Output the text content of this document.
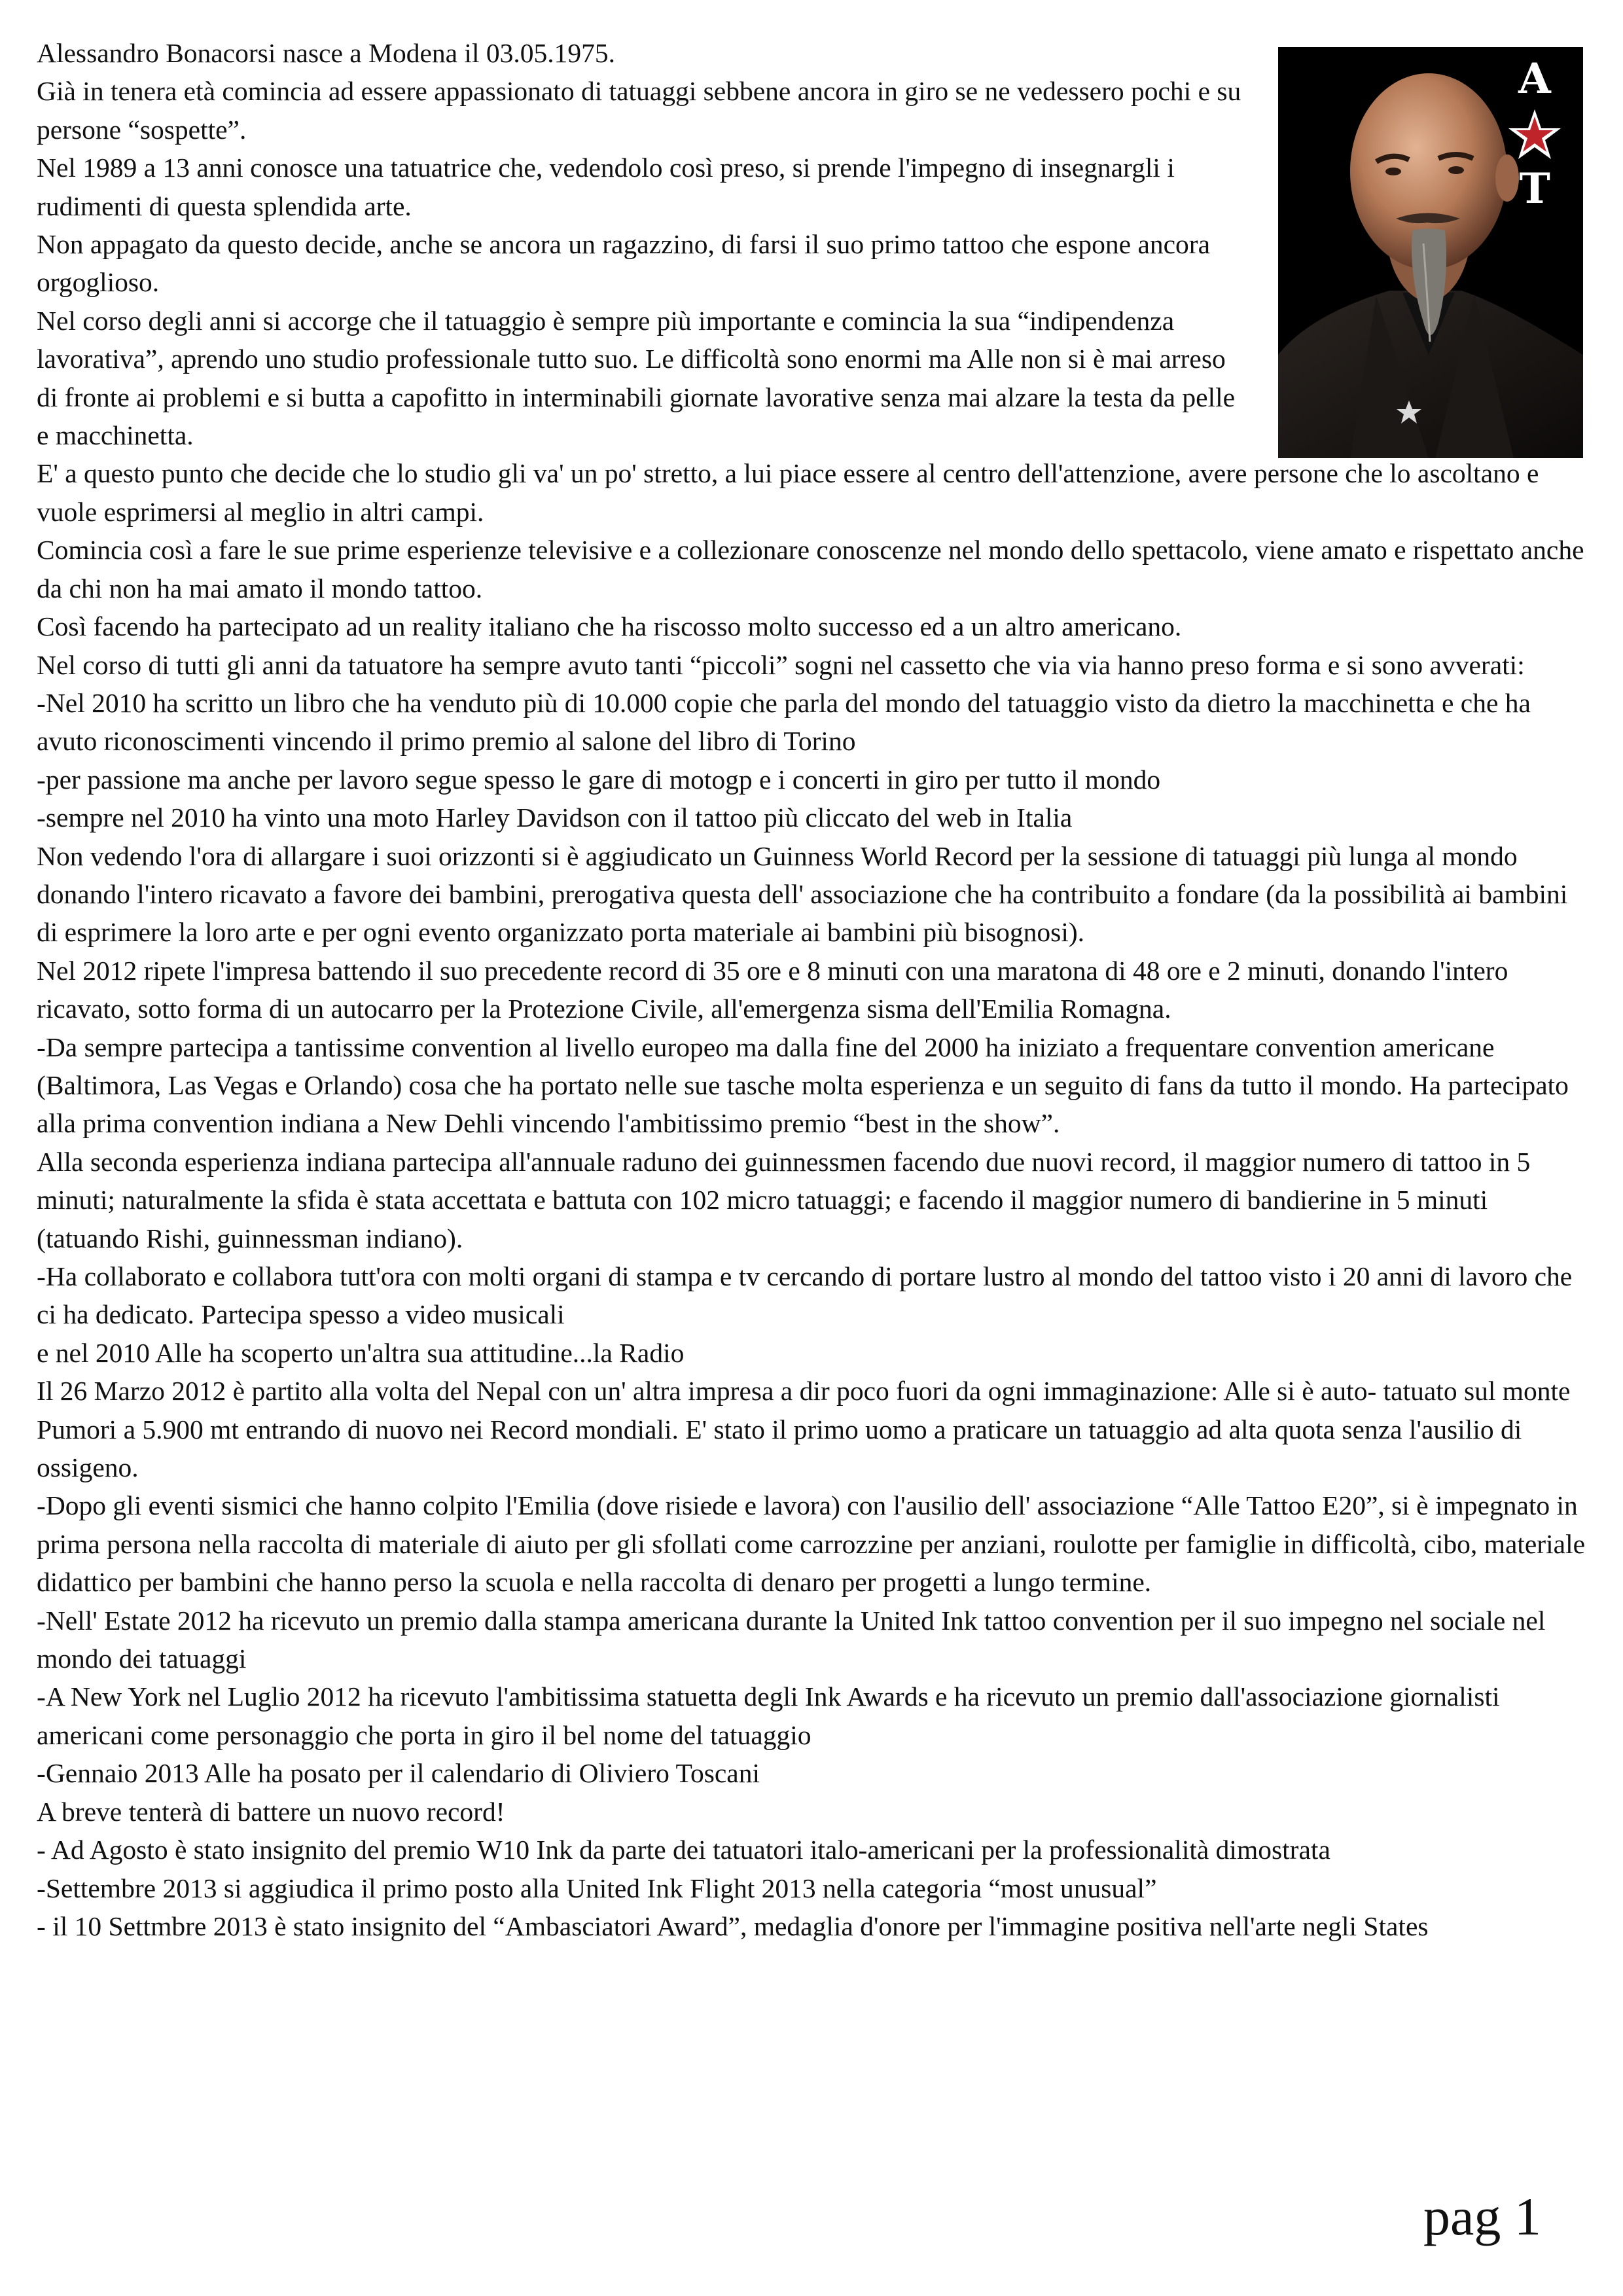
A
T

Alessandro Bonacorsi nasce a Modena il 03.05.1975.

Già in tenera età comincia ad essere appassionato di tatuaggi sebbene ancora in giro se ne vedessero pochi e su persone “sospette”.

Nel 1989 a 13 anni conosce una tatuatrice che, vedendolo così preso, si prende l'impegno di insegnargli i rudimenti di questa splendida arte.

Non appagato da questo decide, anche se ancora un ragazzino, di farsi il suo primo tattoo che espone ancora orgoglioso.

Nel corso degli anni si accorge che il tatuaggio è sempre più importante e comincia la sua “indipendenza lavorativa”, aprendo uno studio professionale tutto suo. Le difficoltà sono enormi ma Alle non si è mai arreso di fronte ai problemi e si butta a capofitto in interminabili giornate lavorative senza mai alzare la testa da pelle e macchinetta.

E' a questo punto che decide che lo studio gli va' un po' stretto, a lui piace essere al centro dell'attenzione, avere persone che lo ascoltano e vuole esprimersi al meglio in altri campi.

Comincia così a fare le sue prime esperienze televisive e a collezionare conoscenze nel mondo dello spettacolo, viene amato e rispettato anche da chi non ha mai amato il mondo tattoo.

Così facendo ha partecipato ad un reality italiano che ha riscosso molto successo ed a un altro americano.

Nel corso di tutti gli anni da tatuatore ha sempre avuto tanti “piccoli” sogni nel cassetto che via via hanno preso forma e si sono avverati:

-Nel 2010 ha scritto un libro che ha venduto più di 10.000 copie che parla del mondo del tatuaggio visto da dietro la macchinetta e che ha avuto riconoscimenti vincendo il primo premio al salone del libro di Torino

-per passione ma anche per lavoro segue spesso le gare di motogp e i concerti in giro per tutto il mondo

-sempre nel 2010 ha vinto una moto Harley Davidson con il tattoo più cliccato del web in Italia

Non vedendo l'ora di allargare i suoi orizzonti si è aggiudicato un Guinness World Record per la sessione di tatuaggi più lunga al mondo donando l'intero ricavato a favore dei bambini, prerogativa questa dell' associazione che ha contribuito a fondare (da la possibilità ai bambini di esprimere la loro arte e per ogni evento organizzato porta materiale ai bambini più bisognosi).

Nel 2012 ripete l'impresa battendo il suo precedente record di 35 ore e 8 minuti con una maratona di 48 ore e 2 minuti, donando l'intero ricavato, sotto forma di un autocarro per la Protezione Civile, all'emergenza sisma dell'Emilia Romagna.

-Da sempre partecipa a tantissime convention al livello europeo ma dalla fine del 2000 ha iniziato a frequentare convention americane (Baltimora, Las Vegas e Orlando) cosa che ha portato nelle sue tasche molta esperienza e un seguito di fans da tutto il mondo. Ha partecipato alla prima convention indiana a New Dehli vincendo l'ambitissimo premio “best in the show”.

Alla seconda esperienza indiana partecipa all'annuale raduno dei guinnessmen facendo due nuovi record, il maggior numero di tattoo in 5 minuti; naturalmente la sfida è stata accettata e battuta con 102 micro tatuaggi; e facendo il maggior numero di bandierine in 5 minuti (tatuando Rishi, guinnessman indiano).

-Ha collaborato e collabora tutt'ora con molti organi di stampa e tv cercando di portare lustro al mondo del tattoo visto i 20 anni di lavoro che ci ha dedicato. Partecipa spesso a video musicali

e nel 2010 Alle ha scoperto un'altra sua attitudine...la Radio

Il 26 Marzo 2012 è partito alla volta del Nepal con un' altra impresa a dir poco fuori da ogni immaginazione: Alle si è auto- tatuato sul monte Pumori a 5.900 mt entrando di nuovo nei Record mondiali. E' stato il primo uomo a praticare un tatuaggio ad alta quota senza l'ausilio di ossigeno.

-Dopo gli eventi sismici che hanno colpito l'Emilia (dove risiede e lavora) con l'ausilio dell' associazione “Alle Tattoo E20”, si è impegnato in prima persona nella raccolta di materiale di aiuto per gli sfollati come carrozzine per anziani, roulotte per famiglie in difficoltà, cibo, materiale didattico per bambini che hanno perso la scuola e nella raccolta di denaro per progetti a lungo termine.

-Nell' Estate 2012 ha ricevuto un premio dalla stampa americana durante la United Ink tattoo convention per il suo impegno nel sociale nel mondo dei tatuaggi

-A New York nel Luglio 2012 ha ricevuto l'ambitissima statuetta degli Ink Awards e ha ricevuto un premio dall'associazione giornalisti americani come personaggio che porta in giro il bel nome del tatuaggio

-Gennaio 2013 Alle ha posato per il calendario di Oliviero Toscani

A breve tenterà di battere un nuovo record!

- Ad Agosto è stato insignito del premio W10 Ink da parte dei tatuatori italo-americani per la professionalità dimostrata

-Settembre 2013 si aggiudica il primo posto alla United Ink Flight 2013 nella categoria “most unusual”

- il 10 Settmbre 2013 è stato insignito del “Ambasciatori Award”, medaglia d'onore per l'immagine positiva nell'arte negli States

pag 1
